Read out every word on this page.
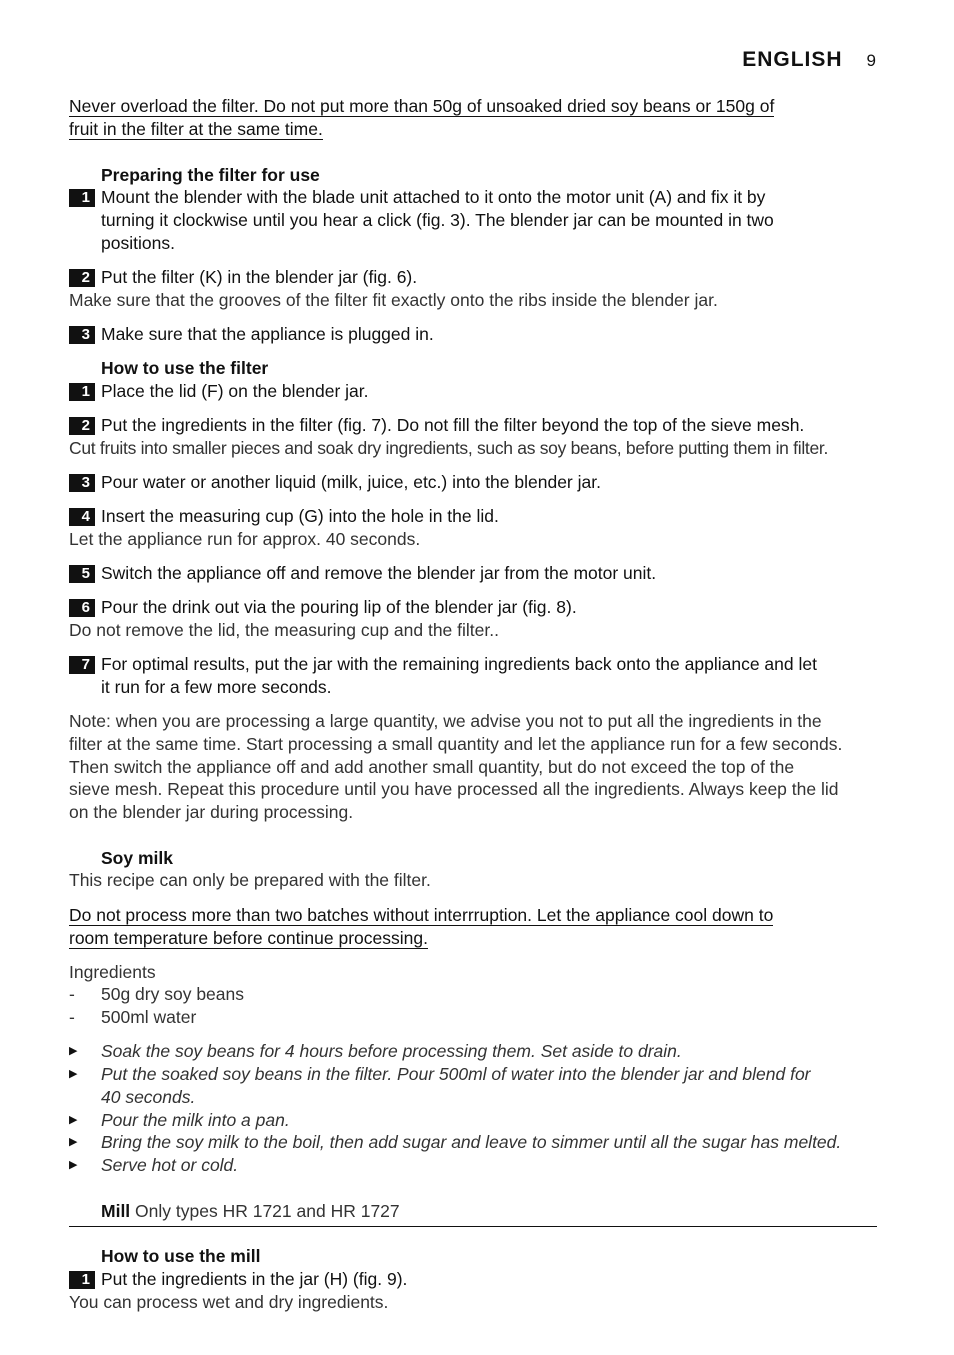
ENGLISH 9
Never overload the filter. Do not put more than 50g of unsoaked dried soy beans or 150g of
fruit in the filter at the same time.
Preparing the filter for use
1 Mount the blender with the blade unit attached to it onto the motor unit (A) and fix it by
turning it clockwise until you hear a click (fig. 3). The blender jar can be mounted in two
positions.
2 Put the filter (K) in the blender jar (fig. 6).
Make sure that the grooves of the filter fit exactly onto the ribs inside the blender jar.
3 Make sure that the appliance is plugged in.
How to use the filter
1 Place the lid (F) on the blender jar.
2 Put the ingredients in the filter (fig. 7). Do not fill the filter beyond the top of the sieve mesh.
Cut fruits into smaller pieces and soak dry ingredients, such as soy beans, before putting them in filter.
3 Pour water or another liquid (milk, juice, etc.) into the blender jar.
4 Insert the measuring cup (G) into the hole in the lid.
Let the appliance run for approx. 40 seconds.
5 Switch the appliance off and remove the blender jar from the motor unit.
6 Pour the drink out via the pouring lip of the blender jar (fig. 8).
Do not remove the lid, the measuring cup and the filter..
7 For optimal results, put the jar with the remaining ingredients back onto the appliance and let
it run for a few more seconds.
Note: when you are processing a large quantity, we advise you not to put all the ingredients in the
filter at the same time. Start processing a small quantity and let the appliance run for a few seconds.
Then switch the appliance off and add another small quantity, but do not exceed the top of the
sieve mesh. Repeat this procedure until you have processed all the ingredients. Always keep the lid
on the blender jar during processing.
Soy milk
This recipe can only be prepared with the filter.
Do not process more than two batches without interrruption. Let the appliance cool down to
room temperature before continue processing.
Ingredients
- 50g dry soy beans
- 500ml water
▶ Soak the soy beans for 4 hours before processing them. Set aside to drain.
▶ Put the soaked soy beans in the filter. Pour 500ml of water into the blender jar and blend for
40 seconds.
▶ Pour the milk into a pan.
▶ Bring the soy milk to the boil, then add sugar and leave to simmer until all the sugar has melted.
▶ Serve hot or cold.
Mill Only types HR 1721 and HR 1727
How to use the mill
1 Put the ingredients in the jar (H) (fig. 9).
You can process wet and dry ingredients.
